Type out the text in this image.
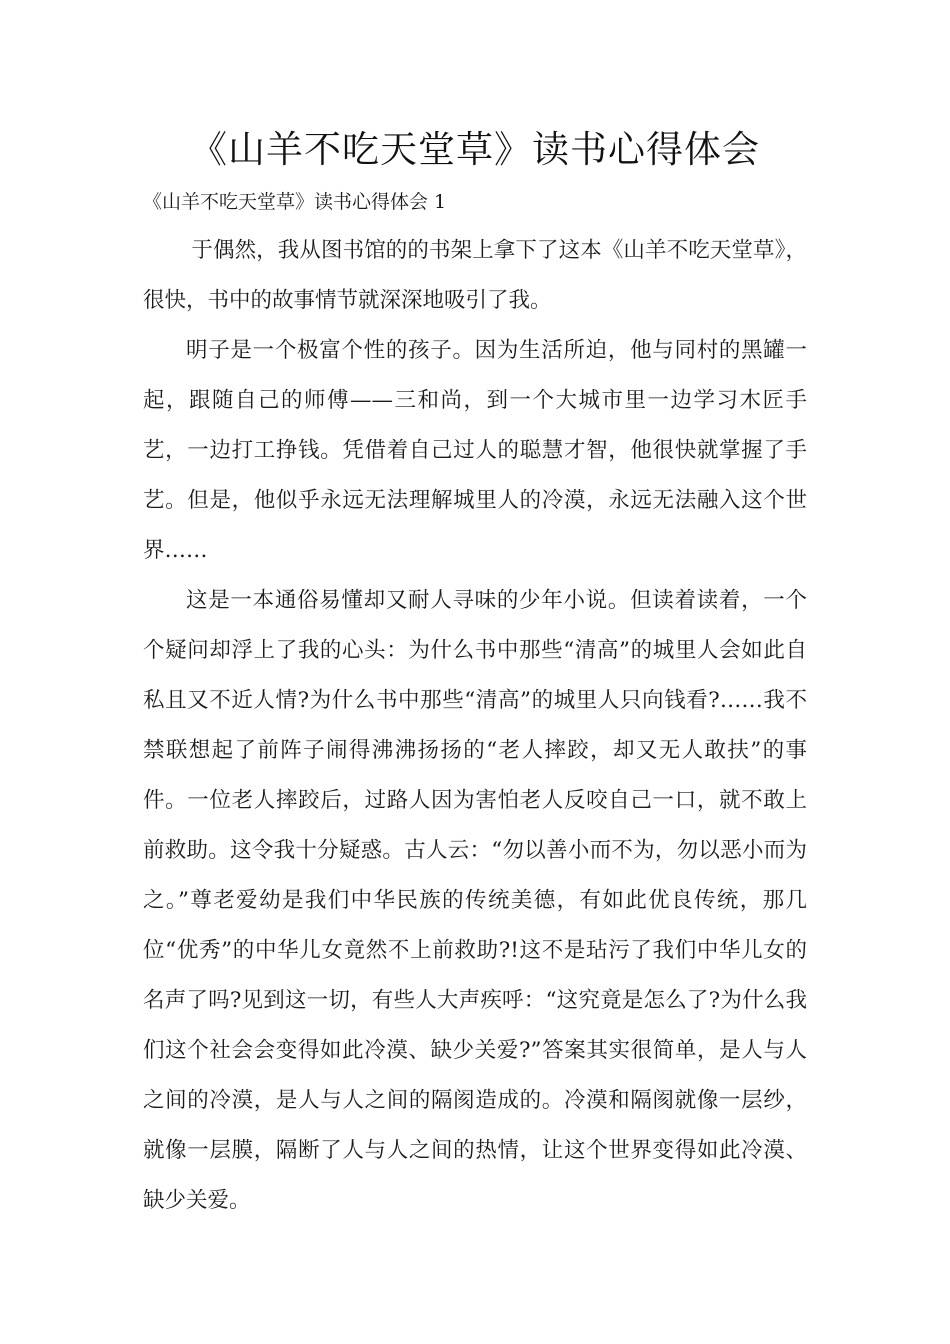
《山羊不吃天堂草》读书心得体会
《山羊不吃天堂草》读书心得体会 1

于偶然，我从图书馆的的书架上拿下了这本《山羊不吃天堂草》，很快，书中的故事情节就深深地吸引了我。

明子是一个极富个性的孩子。因为生活所迫，他与同村的黑罐一起，跟随自己的师傅——三和尚，到一个大城市里一边学习木匠手艺，一边打工挣钱。凭借着自己过人的聪慧才智，他很快就掌握了手艺。但是，他似乎永远无法理解城里人的冷漠，永远无法融入这个世界……

这是一本通俗易懂却又耐人寻味的少年小说。但读着读着，一个个疑问却浮上了我的心头：为什么书中那些“清高”的城里人会如此自私且又不近人情?为什么书中那些“清高”的城里人只向钱看?……我不禁联想起了前阵子闹得沸沸扬扬的“老人摔跤，却又无人敢扶”的事件。一位老人摔跤后，过路人因为害怕老人反咬自己一口，就不敢上前救助。这令我十分疑惑。古人云：“勿以善小而不为，勿以恶小而为之。”尊老爱幼是我们中华民族的传统美德，有如此优良传统，那几位“优秀”的中华儿女竟然不上前救助?!这不是玷污了我们中华儿女的名声了吗?见到这一切，有些人大声疾呼：“这究竟是怎么了?为什么我们这个社会会变得如此冷漠、缺少关爱?”答案其实很简单，是人与人之间的冷漠，是人与人之间的隔阂造成的。冷漠和隔阂就像一层纱，就像一层膜，隔断了人与人之间的热情，让这个世界变得如此冷漠、缺少关爱。
